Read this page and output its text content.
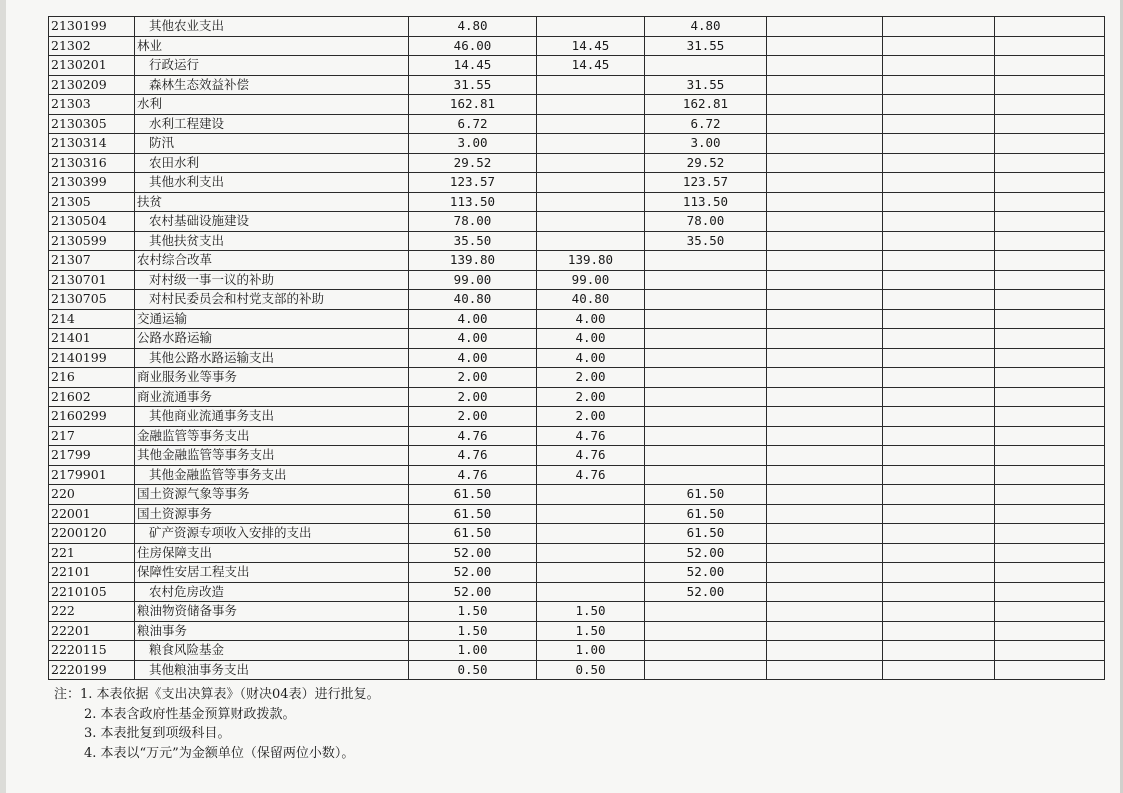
2130199	其他农业支出	4.80		4.80			
21302	林业	46.00	14.45	31.55			
2130201	行政运行	14.45	14.45				
2130209	森林生态效益补偿	31.55		31.55			
21303	水利	162.81		162.81			
2130305	水利工程建设	6.72		6.72			
2130314	防汛	3.00		3.00			
2130316	农田水利	29.52		29.52			
2130399	其他水利支出	123.57		123.57			
21305	扶贫	113.50		113.50			
2130504	农村基础设施建设	78.00		78.00			
2130599	其他扶贫支出	35.50		35.50			
21307	农村综合改革	139.80	139.80				
2130701	对村级一事一议的补助	99.00	99.00				
2130705	对村民委员会和村党支部的补助	40.80	40.80				
214	交通运输	4.00	4.00				
21401	公路水路运输	4.00	4.00				
2140199	其他公路水路运输支出	4.00	4.00				
216	商业服务业等事务	2.00	2.00				
21602	商业流通事务	2.00	2.00				
2160299	其他商业流通事务支出	2.00	2.00				
217	金融监管等事务支出	4.76	4.76				
21799	其他金融监管等事务支出	4.76	4.76				
2179901	其他金融监管等事务支出	4.76	4.76				
220	国土资源气象等事务	61.50		61.50			
22001	国土资源事务	61.50		61.50			
2200120	矿产资源专项收入安排的支出	61.50		61.50			
221	住房保障支出	52.00		52.00			
22101	保障性安居工程支出	52.00		52.00			
2210105	农村危房改造	52.00		52.00			
222	粮油物资储备事务	1.50	1.50				
22201	粮油事务	1.50	1.50				
2220115	粮食风险基金	1.00	1.00				
2220199	其他粮油事务支出	0.50	0.50				
注：1. 本表依据《支出决算表》（财决04表）进行批复。
2. 本表含政府性基金预算财政拨款。
3. 本表批复到项级科目。
4. 本表以“万元”为金额单位（保留两位小数）。
